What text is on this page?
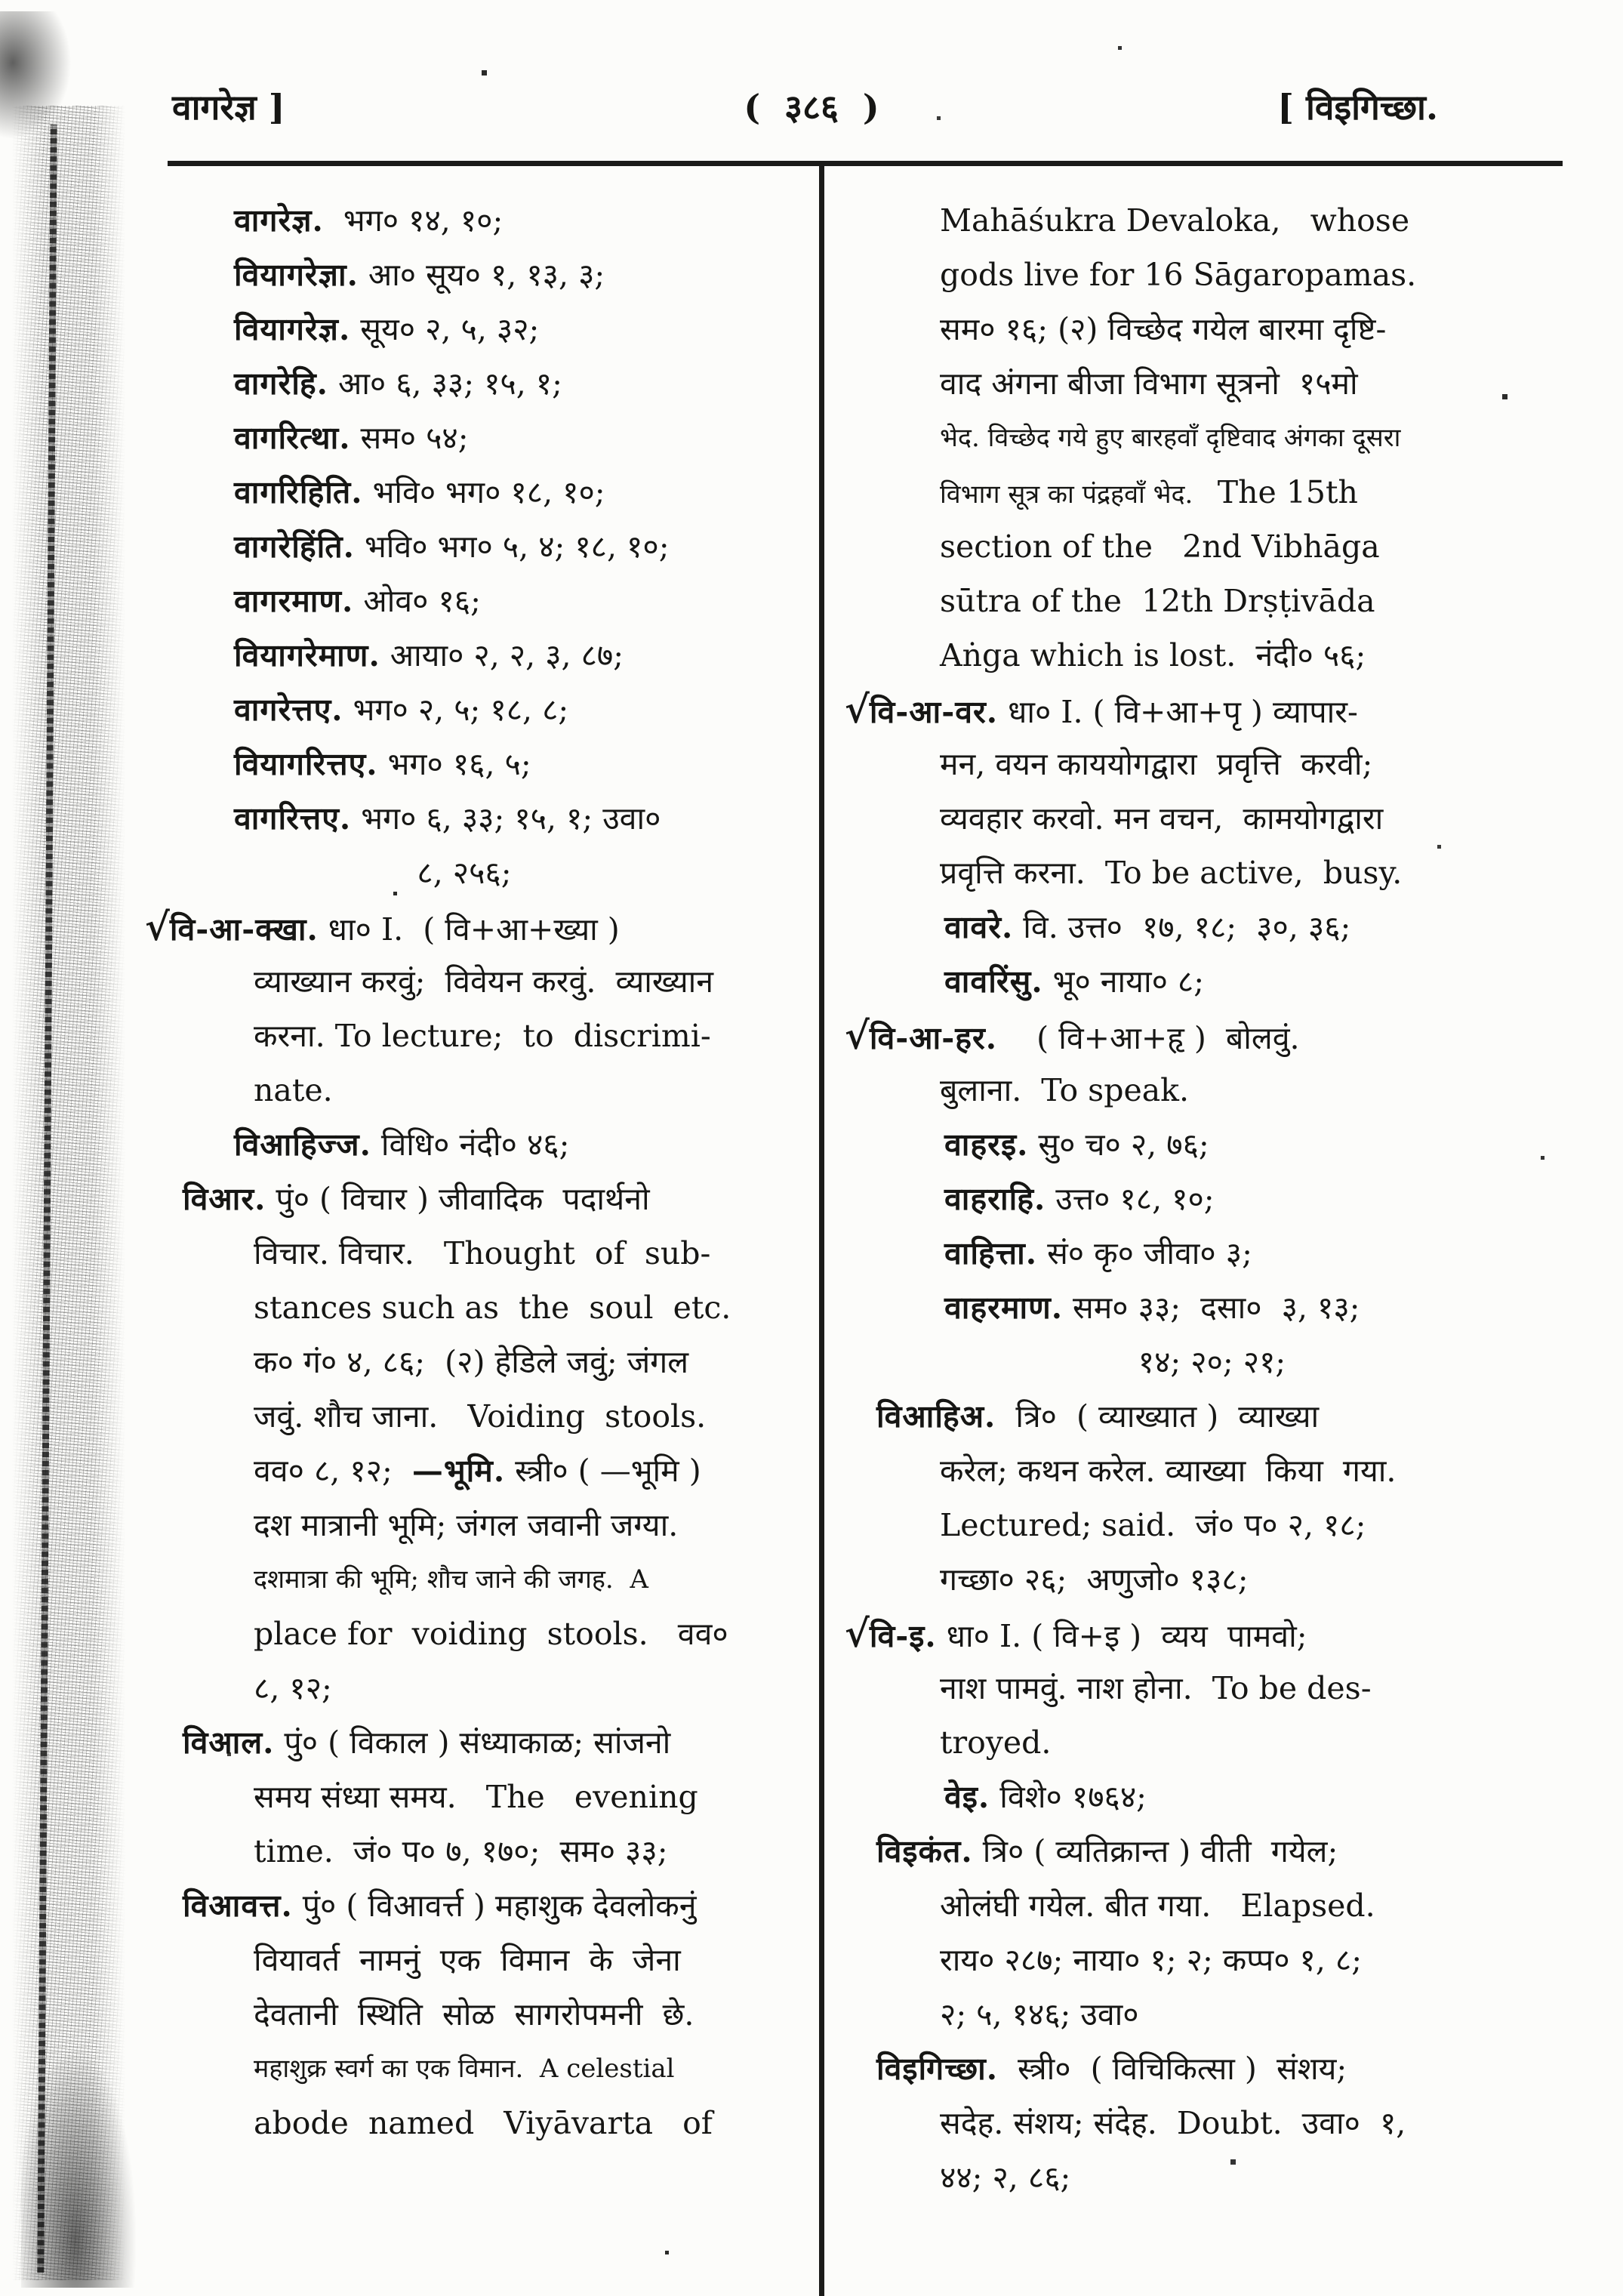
(  ३८६  )
वागरेज्ञ ]	[ विइगिच्छा.
वागरेज्ञ.  भग० १४, १०;
वियागरेज्ञा. आ० सूय० १, १३, ३;
वियागरेज्ञ. सूय० २, ५, ३२;
वागरेहि. आ० ६, ३३; १५, १;
वागरित्था. सम० ५४;
वागरिहिति. भवि० भग० १८, १०;
वागरेहिंति. भवि० भग० ५, ४; १८, १०;
वागरमाण. ओव० १६;
वियागरेमाण. आया० २, २, ३, ८७;
वागरेत्तए. भग० २, ५; १८, ८;
वियागरित्तए. भग० १६, ५;
वागरित्तए. भग० ६, ३३; १५, १; उवा०
८, २५६;
√वि-आ-क्खा. धा० I.  ( वि+आ+ख्या )
व्याख्यान करवुं;  विवेयन करवुं.  व्याख्यान
करना. To lecture;  to  discrimi-
nate.
विआहिज्ज. विधि० नंदी० ४६;
विआर. पुं० ( विचार ) जीवादिक  पदार्थनो
विचार. विचार.   Thought  of  sub-
stances such as  the  soul  etc.
क० गं० ४, ८६;  (२) हेडिले जवुं; जंगल
जवुं. शौच जाना.   Voiding  stools.
वव० ८, १२;  —भूमि. स्त्री० ( —भूमि )
दश मात्रानी भूमि; जंगल जवानी जग्या.
दशमात्रा की भूमि; शौच जाने की जगह.  A
place for  voiding  stools.   वव०
८, १२;
विआल. पुं० ( विकाल ) संध्याकाळ; सांजनो
समय संध्या समय.   The   evening
time.  जं० प० ७, १७०;  सम० ३३;
विआवत्त. पुं० ( विआवर्त्त ) महाशुक देवलोकनुं
वियावर्त  नामनुं  एक  विमान  के  जेना
देवतानी  स्थिति  सोळ  सागरोपमनी  छे.
महाशुक्र स्वर्ग का एक विमान.  A celestial
abode  named   Viyāvarta   of
Mahāśukra Devaloka,   whose
gods live for 16 Sāgaropamas.
सम० १६; (२) विच्छेद गयेल बारमा दृष्टि-
वाद अंगना बीजा विभाग सूत्रनो  १५मो
भेद. विच्छेद गये हुए बारहवाँ दृष्टिवाद अंगका दूसरा
विभाग सूत्र का पंद्रहवाँ भेद.   The 15th
section of the   2nd Vibhāga
sūtra of the  12th Drṣṭivāda
Aṅga which is lost.  नंदी० ५६;
√वि-आ-वर. धा० I. ( वि+आ+पृ ) व्यापार-
मन, वयन काययोगद्वारा  प्रवृत्ति  करवी;
व्यवहार करवो. मन वचन,  कामयोगद्वारा
प्रवृत्ति करना.  To be active,  busy.
वावरे. वि. उत्त०  १७, १८;  ३०, ३६;
वावरिंसु. भू० नाया० ८;
√वि-आ-हर.    ( वि+आ+हृ )  बोलवुं.
बुलाना.  To speak.
वाहरइ. सु० च० २, ७६;
वाहराहि. उत्त० १८, १०;
वाहित्ता. सं० कृ० जीवा० ३;
वाहरमाण. सम० ३३;  दसा०  ३, १३;
१४; २०; २१;
विआहिअ.  त्रि०  ( व्याख्यात )  व्याख्या
करेल; कथन करेल. व्याख्या  किया  गया.
Lectured; said.  जं० प० २, १८;
गच्छा० २६;  अणुजो० १३८;
√वि-इ. धा० I. ( वि+इ )  व्यय  पामवो;
नाश पामवुं. नाश होना.  To be des-
troyed.
वेइ. विशे० १७६४;
विइकंत. त्रि० ( व्यतिक्रान्त ) वीती  गयेल;
ओलंघी गयेल. बीत गया.   Elapsed.
राय० २८७; नाया० १; २; कप्प० १, ८;
२; ५, १४६; उवा०
विइगिच्छा.  स्त्री०  ( विचिकित्सा )  संशय;
सदेह. संशय; संदेह.  Doubt.  उवा०  १,
४४; २, ८६;
